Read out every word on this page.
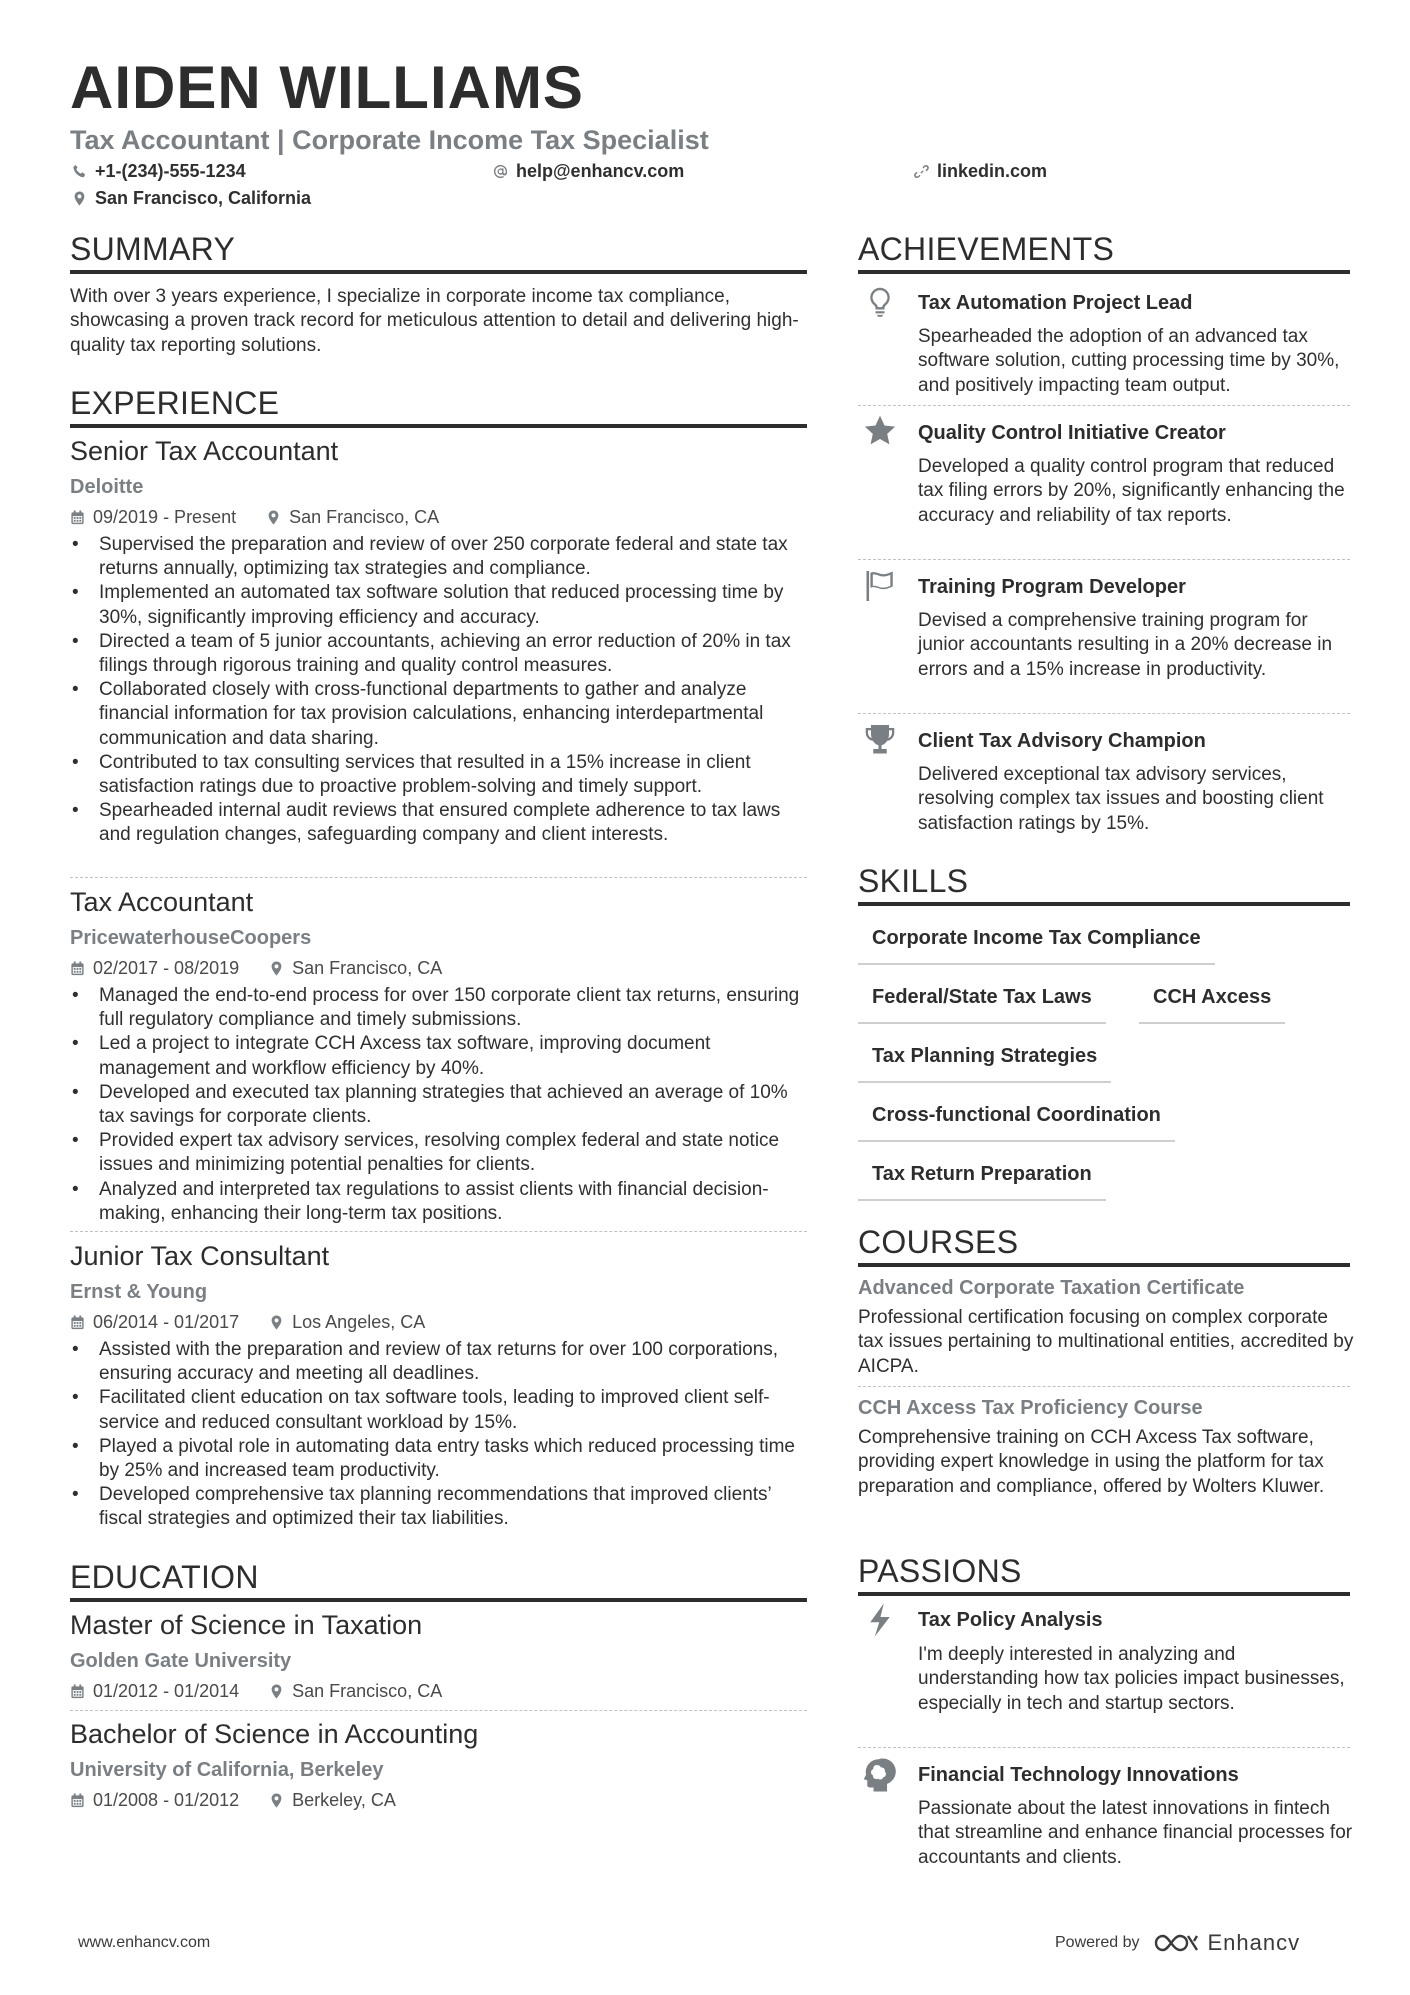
AIDEN WILLIAMS
Tax Accountant | Corporate Income Tax Specialist
+1-(234)-555-1234	help@enhancv.com	linkedin.com
San Francisco, California
SUMMARY
With over 3 years experience, I specialize in corporate income tax compliance, showcasing a proven track record for meticulous attention to detail and delivering high-quality tax reporting solutions.
EXPERIENCE
Senior Tax Accountant
Deloitte
09/2019 - Present	San Francisco, CA
• Supervised the preparation and review of over 250 corporate federal and state tax returns annually, optimizing tax strategies and compliance.
• Implemented an automated tax software solution that reduced processing time by 30%, significantly improving efficiency and accuracy.
• Directed a team of 5 junior accountants, achieving an error reduction of 20% in tax filings through rigorous training and quality control measures.
• Collaborated closely with cross-functional departments to gather and analyze financial information for tax provision calculations, enhancing interdepartmental communication and data sharing.
• Contributed to tax consulting services that resulted in a 15% increase in client satisfaction ratings due to proactive problem-solving and timely support.
• Spearheaded internal audit reviews that ensured complete adherence to tax laws and regulation changes, safeguarding company and client interests.
Tax Accountant
PricewaterhouseCoopers
02/2017 - 08/2019	San Francisco, CA
• Managed the end-to-end process for over 150 corporate client tax returns, ensuring full regulatory compliance and timely submissions.
• Led a project to integrate CCH Axcess tax software, improving document management and workflow efficiency by 40%.
• Developed and executed tax planning strategies that achieved an average of 10% tax savings for corporate clients.
• Provided expert tax advisory services, resolving complex federal and state notice issues and minimizing potential penalties for clients.
• Analyzed and interpreted tax regulations to assist clients with financial decision-making, enhancing their long-term tax positions.
Junior Tax Consultant
Ernst & Young
06/2014 - 01/2017	Los Angeles, CA
• Assisted with the preparation and review of tax returns for over 100 corporations, ensuring accuracy and meeting all deadlines.
• Facilitated client education on tax software tools, leading to improved client self-service and reduced consultant workload by 15%.
• Played a pivotal role in automating data entry tasks which reduced processing time by 25% and increased team productivity.
• Developed comprehensive tax planning recommendations that improved clients’ fiscal strategies and optimized their tax liabilities.
EDUCATION
Master of Science in Taxation
Golden Gate University
01/2012 - 01/2014	San Francisco, CA
Bachelor of Science in Accounting
University of California, Berkeley
01/2008 - 01/2012	Berkeley, CA
ACHIEVEMENTS
Tax Automation Project Lead
Spearheaded the adoption of an advanced tax software solution, cutting processing time by 30%, and positively impacting team output.
Quality Control Initiative Creator
Developed a quality control program that reduced tax filing errors by 20%, significantly enhancing the accuracy and reliability of tax reports.
Training Program Developer
Devised a comprehensive training program for junior accountants resulting in a 20% decrease in errors and a 15% increase in productivity.
Client Tax Advisory Champion
Delivered exceptional tax advisory services, resolving complex tax issues and boosting client satisfaction ratings by 15%.
SKILLS
Corporate Income Tax Compliance
Federal/State Tax Laws	CCH Axcess
Tax Planning Strategies
Cross-functional Coordination
Tax Return Preparation
COURSES
Advanced Corporate Taxation Certificate
Professional certification focusing on complex corporate tax issues pertaining to multinational entities, accredited by AICPA.
CCH Axcess Tax Proficiency Course
Comprehensive training on CCH Axcess Tax software, providing expert knowledge in using the platform for tax preparation and compliance, offered by Wolters Kluwer.
PASSIONS
Tax Policy Analysis
I'm deeply interested in analyzing and understanding how tax policies impact businesses, especially in tech and startup sectors.
Financial Technology Innovations
Passionate about the latest innovations in fintech that streamline and enhance financial processes for accountants and clients.
www.enhancv.com	Powered by	Enhancv
